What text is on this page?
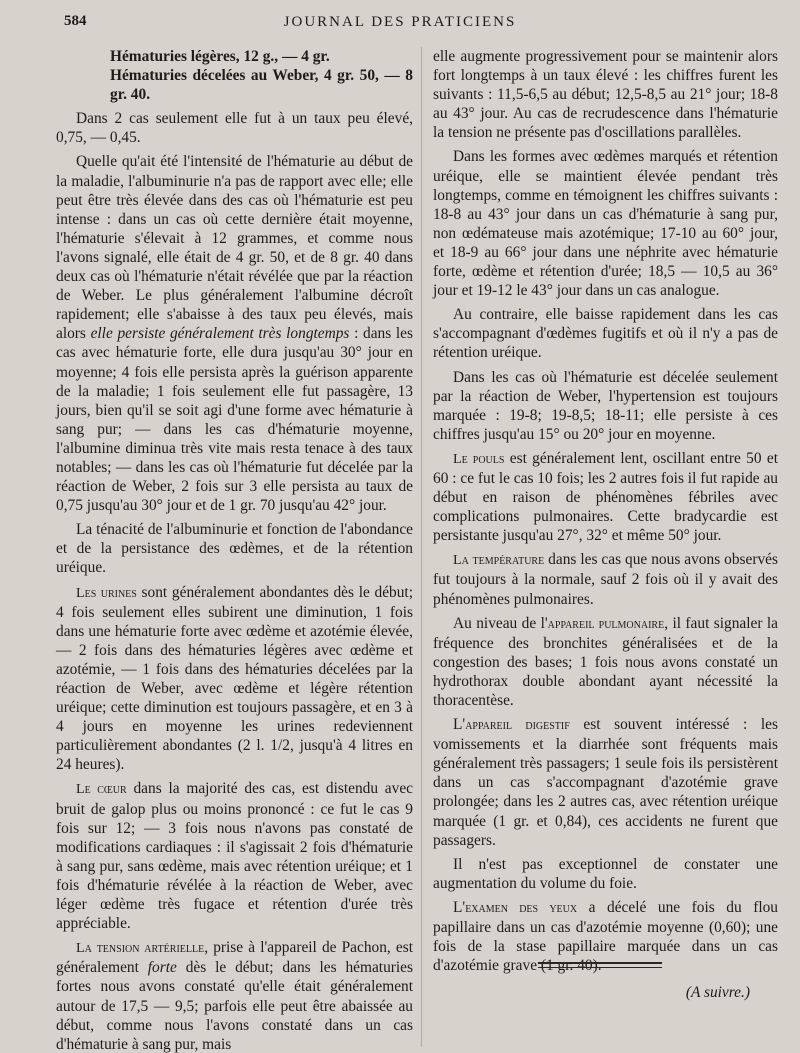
584	JOURNAL DES PRATICIENS

Hématuries légères, 12 g., — 4 gr.

Hématuries décelées au Weber, 4 gr. 50, — 8 gr. 40.

Dans 2 cas seulement elle fut à un taux peu élevé, 0,75, — 0,45.

Quelle qu'ait été l'intensité de l'hématurie au début de la maladie, l'albuminurie n'a pas de rapport avec elle; elle peut être très élevée dans des cas où l'hématurie est peu intense : dans un cas où cette dernière était moyenne, l'hématurie s'élevait à 12 grammes, et comme nous l'avons signalé, elle était de 4 gr. 50, et de 8 gr. 40 dans deux cas où l'hématurie n'était révélée que par la réaction de Weber. Le plus généralement l'albumine décroît rapidement; elle s'abaisse à des taux peu élevés, mais alors elle persiste généralement très longtemps : dans les cas avec hématurie forte, elle dura jusqu'au 30° jour en moyenne; 4 fois elle persista après la guérison apparente de la maladie; 1 fois seulement elle fut passagère, 13 jours, bien qu'il se soit agi d'une forme avec hématurie à sang pur; — dans les cas d'hématurie moyenne, l'albumine diminua très vite mais resta tenace à des taux notables; — dans les cas où l'hématurie fut décelée par la réaction de Weber, 2 fois sur 3 elle persista au taux de 0,75 jusqu'au 30° jour et de 1 gr. 70 jusqu'au 42° jour.

La ténacité de l'albuminurie et fonction de l'abondance et de la persistance des œdèmes, et de la rétention uréique.

Les urines sont généralement abondantes dès le début; 4 fois seulement elles subirent une diminution, 1 fois dans une hématurie forte avec œdème et azotémie élevée, — 2 fois dans des hématuries légères avec œdème et azotémie, — 1 fois dans des hématuries décelées par la réaction de Weber, avec œdème et légère rétention uréique; cette diminution est toujours passagère, et en 3 à 4 jours en moyenne les urines redeviennent particulièrement abondantes (2 l. 1/2, jusqu'à 4 litres en 24 heures).

Le cœur dans la majorité des cas, est distendu avec bruit de galop plus ou moins prononcé : ce fut le cas 9 fois sur 12; — 3 fois nous n'avons pas constaté de modifications cardiaques : il s'agissait 2 fois d'hématurie à sang pur, sans œdème, mais avec rétention uréique; et 1 fois d'hématurie révélée à la réaction de Weber, avec léger œdème très fugace et rétention d'urée très appréciable.

La tension artérielle, prise à l'appareil de Pachon, est généralement forte dès le début; dans les hématuries fortes nous avons constaté qu'elle était généralement autour de 17,5 — 9,5; parfois elle peut être abaissée au début, comme nous l'avons constaté dans un cas d'hématurie à sang pur, mais

elle augmente progressivement pour se maintenir alors fort longtemps à un taux élevé : les chiffres furent les suivants : 11,5-6,5 au début; 12,5-8,5 au 21° jour; 18-8 au 43° jour. Au cas de recrudescence dans l'hématurie la tension ne présente pas d'oscillations parallèles.

Dans les formes avec œdèmes marqués et rétention uréique, elle se maintient élevée pendant très longtemps, comme en témoignent les chiffres suivants : 18-8 au 43° jour dans un cas d'hématurie à sang pur, non œdémateuse mais azotémique; 17-10 au 60° jour, et 18-9 au 66° jour dans une néphrite avec hématurie forte, œdème et rétention d'urée; 18,5 — 10,5 au 36° jour et 19-12 le 43° jour dans un cas analogue.

Au contraire, elle baisse rapidement dans les cas s'accompagnant d'œdèmes fugitifs et où il n'y a pas de rétention uréique.

Dans les cas où l'hématurie est décelée seulement par la réaction de Weber, l'hypertension est toujours marquée : 19-8; 19-8,5; 18-11; elle persiste à ces chiffres jusqu'au 15° ou 20° jour en moyenne.

Le pouls est généralement lent, oscillant entre 50 et 60 : ce fut le cas 10 fois; les 2 autres fois il fut rapide au début en raison de phénomènes fébriles avec complications pulmonaires. Cette bradycardie est persistante jusqu'au 27°, 32° et même 50° jour.

La température dans les cas que nous avons observés fut toujours à la normale, sauf 2 fois où il y avait des phénomènes pulmonaires.

Au niveau de l'appareil pulmonaire, il faut signaler la fréquence des bronchites généralisées et de la congestion des bases; 1 fois nous avons constaté un hydrothorax double abondant ayant nécessité la thoracentèse.

L'appareil digestif est souvent intéressé : les vomissements et la diarrhée sont fréquents mais généralement très passagers; 1 seule fois ils persistèrent dans un cas s'accompagnant d'azotémie grave prolongée; dans les 2 autres cas, avec rétention uréique marquée (1 gr. et 0,84), ces accidents ne furent que passagers.

Il n'est pas exceptionnel de constater une augmentation du volume du foie.

L'examen des yeux a décelé une fois du flou papillaire dans un cas d'azotémie moyenne (0,60); une fois de la stase papillaire marquée dans un cas d'azotémie grave (1 gr. 40).

(A suivre.)
